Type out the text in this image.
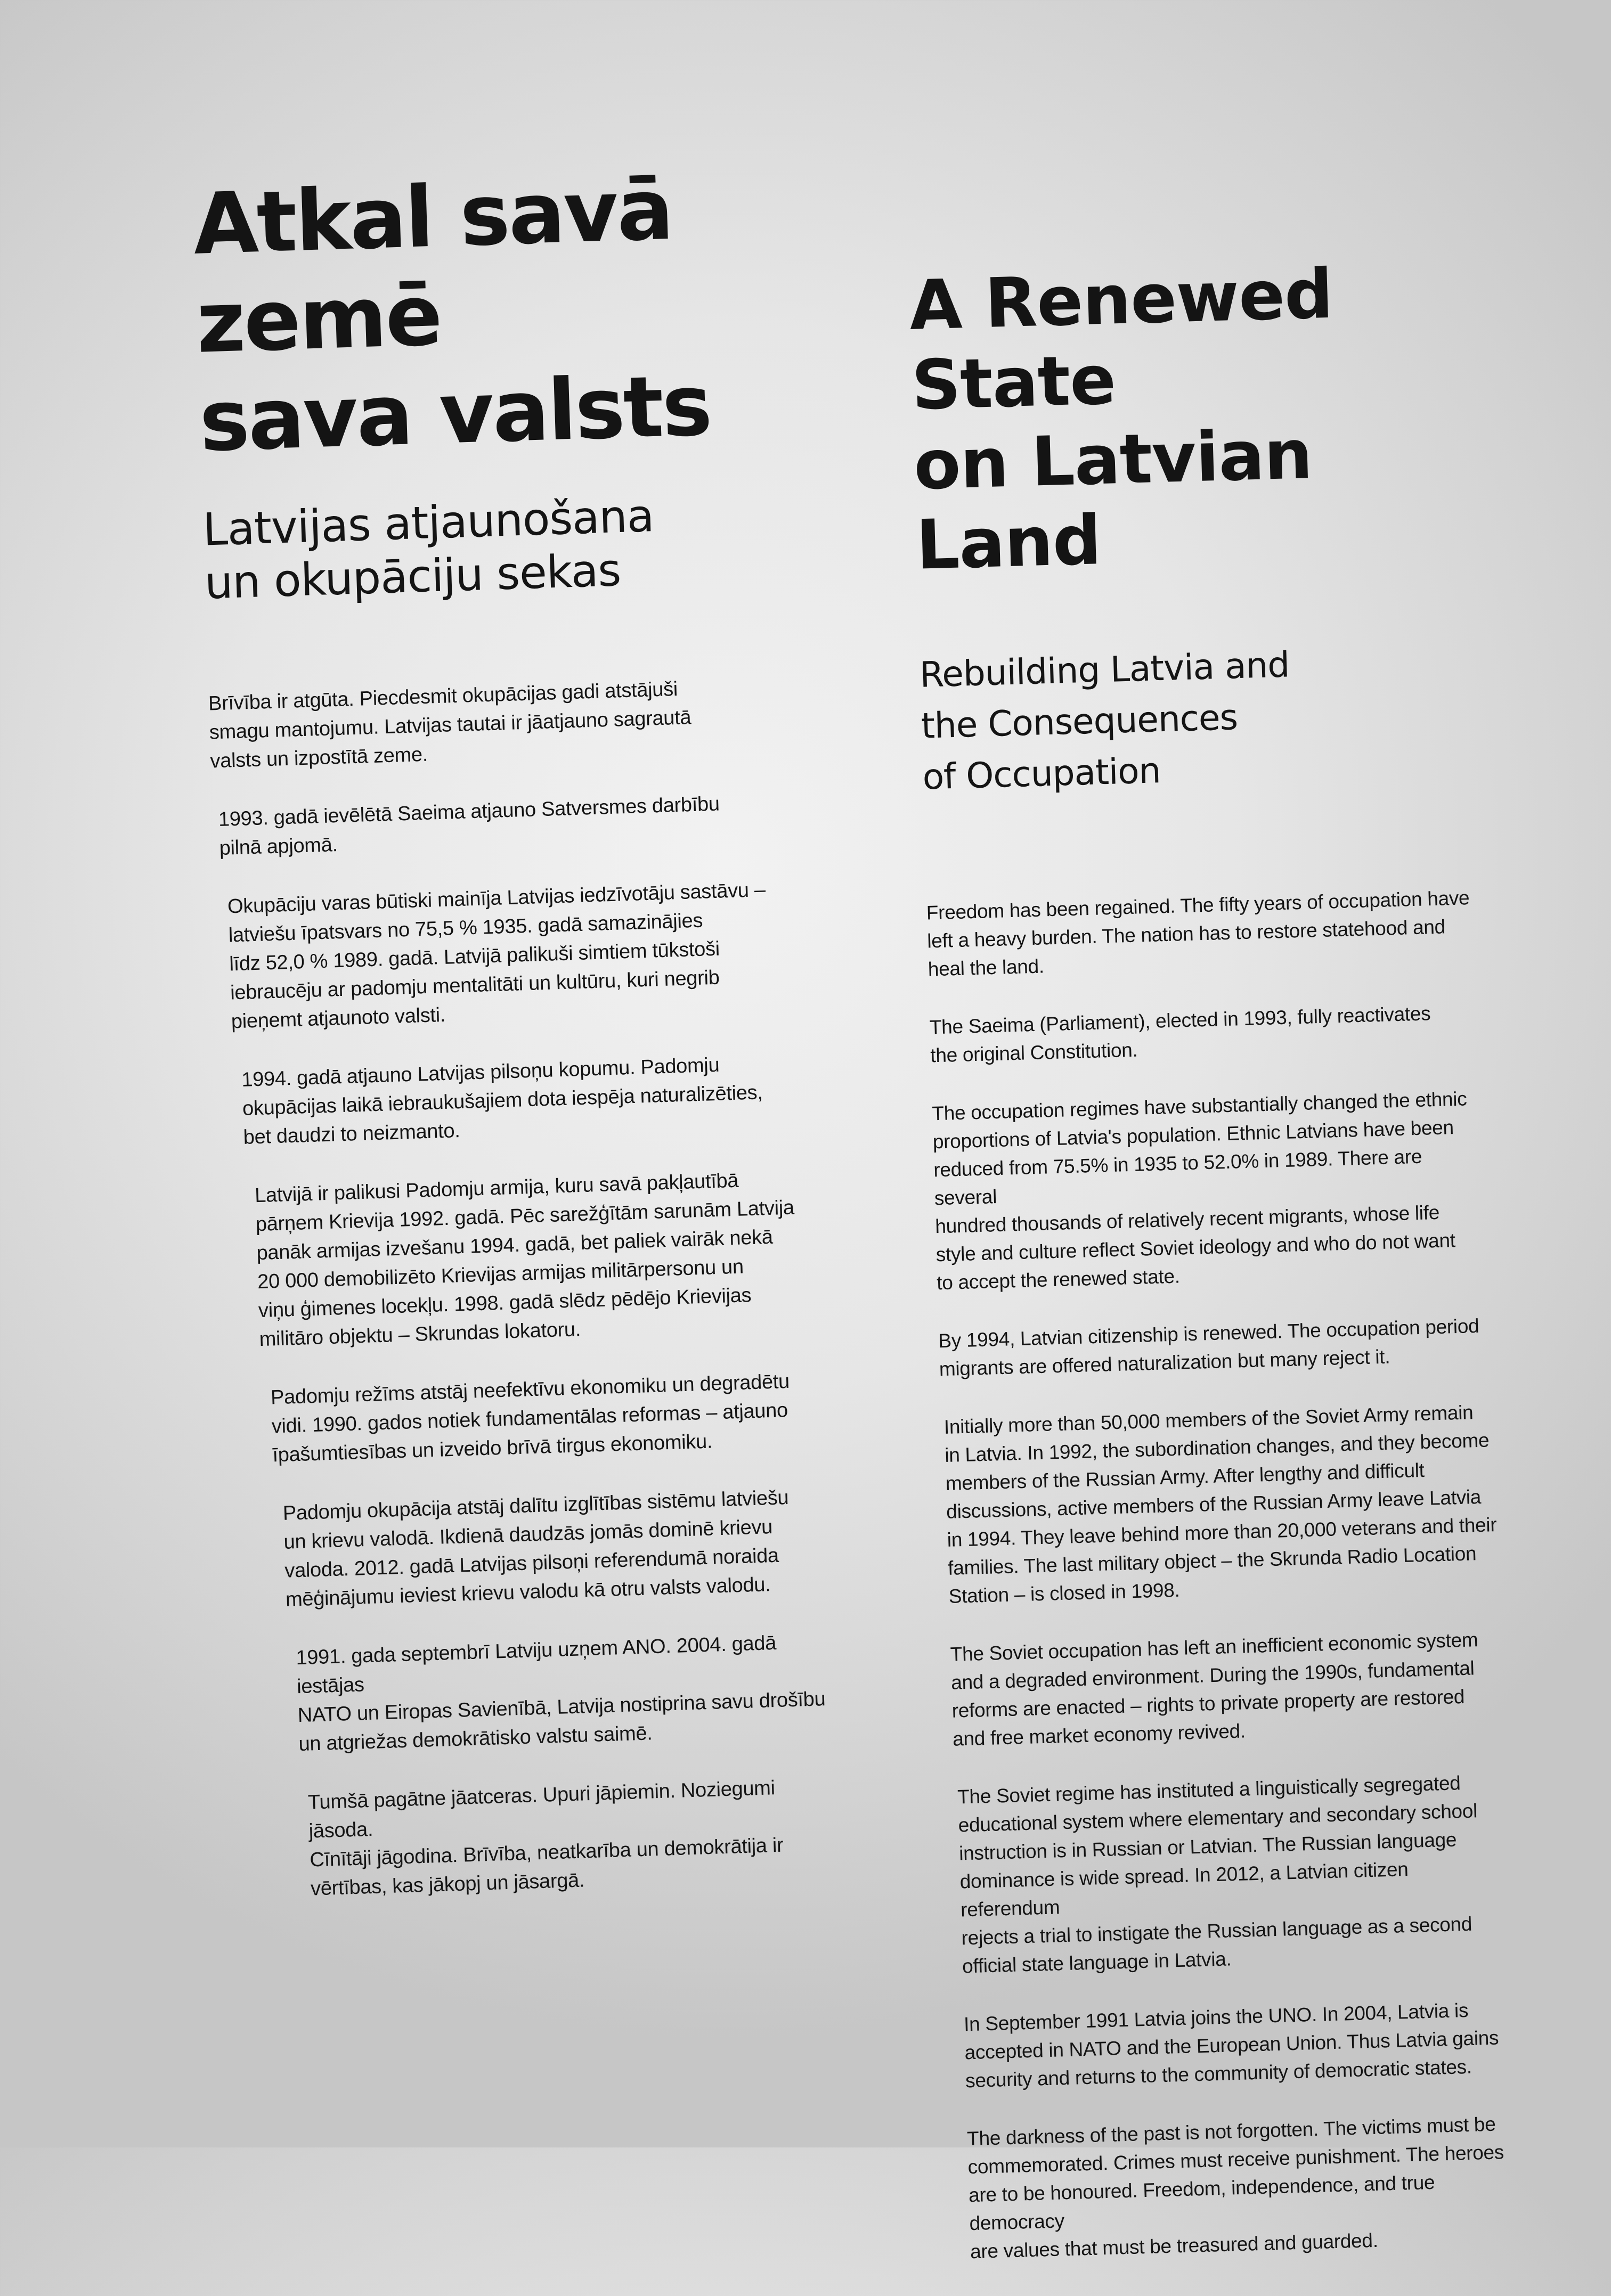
Atkal savā zemē
sava valsts
Latvijas atjaunošana
un okupāciju sekas

Brīvība ir atgūta. Piecdesmit okupācijas gadi atstājuši
smagu mantojumu. Latvijas tautai ir jāatjauno sagrautā
valsts un izpostītā zeme.

1993. gadā ievēlētā Saeima atjauno Satversmes darbību
pilnā apjomā.

Okupāciju varas būtiski mainīja Latvijas iedzīvotāju sastāvu –
latviešu īpatsvars no 75,5 % 1935. gadā samazinājies
līdz 52,0 % 1989. gadā. Latvijā palikuši simtiem tūkstoši
iebraucēju ar padomju mentalitāti un kultūru, kuri negrib
pieņemt atjaunoto valsti.

1994. gadā atjauno Latvijas pilsoņu kopumu. Padomju
okupācijas laikā iebraukušajiem dota iespēja naturalizēties,
bet daudzi to neizmanto.

Latvijā ir palikusi Padomju armija, kuru savā pakļautībā
pārņem Krievija 1992. gadā. Pēc sarežģītām sarunām Latvija
panāk armijas izvešanu 1994. gadā, bet paliek vairāk nekā
20 000 demobilizēto Krievijas armijas militārpersonu un
viņu ģimenes locekļu. 1998. gadā slēdz pēdējo Krievijas
militāro objektu – Skrundas lokatoru.

Padomju režīms atstāj neefektīvu ekonomiku un degradētu
vidi. 1990. gados notiek fundamentālas reformas – atjauno
īpašumtiesības un izveido brīvā tirgus ekonomiku.

Padomju okupācija atstāj dalītu izglītības sistēmu latviešu
un krievu valodā. Ikdienā daudzās jomās dominē krievu
valoda. 2012. gadā Latvijas pilsoņi referendumā noraida
mēģinājumu ieviest krievu valodu kā otru valsts valodu.

1991. gada septembrī Latviju uzņem ANO. 2004. gadā iestājas
NATO un Eiropas Savienībā, Latvija nostiprina savu drošību
un atgriežas demokrātisko valstu saimē.

Tumšā pagātne jāatceras. Upuri jāpiemin. Noziegumi jāsoda.
Cīnītāji jāgodina. Brīvība, neatkarība un demokrātija ir
vērtības, kas jākopj un jāsargā.

A Renewed State
on Latvian Land
Rebuilding Latvia and
the Consequences
of Occupation

Freedom has been regained. The fifty years of occupation have
left a heavy burden. The nation has to restore statehood and
heal the land.

The Saeima (Parliament), elected in 1993, fully reactivates
the original Constitution.

The occupation regimes have substantially changed the ethnic
proportions of Latvia's population. Ethnic Latvians have been
reduced from 75.5% in 1935 to 52.0% in 1989. There are several
hundred thousands of relatively recent migrants, whose life
style and culture reflect Soviet ideology and who do not want
to accept the renewed state.

By 1994, Latvian citizenship is renewed. The occupation period
migrants are offered naturalization but many reject it.

Initially more than 50,000 members of the Soviet Army remain
in Latvia. In 1992, the subordination changes, and they become
members of the Russian Army. After lengthy and difficult
discussions, active members of the Russian Army leave Latvia
in 1994. They leave behind more than 20,000 veterans and their
families. The last military object – the Skrunda Radio Location
Station – is closed in 1998.

The Soviet occupation has left an inefficient economic system
and a degraded environment. During the 1990s, fundamental
reforms are enacted – rights to private property are restored
and free market economy revived.

The Soviet regime has instituted a linguistically segregated
educational system where elementary and secondary school
instruction is in Russian or Latvian. The Russian language
dominance is wide spread. In 2012, a Latvian citizen referendum
rejects a trial to instigate the Russian language as a second
official state language in Latvia.

In September 1991 Latvia joins the UNO. In 2004, Latvia is
accepted in NATO and the European Union. Thus Latvia gains
security and returns to the community of democratic states.

The darkness of the past is not forgotten. The victims must be
commemorated. Crimes must receive punishment. The heroes
are to be honoured. Freedom, independence, and true democracy
are values that must be treasured and guarded.
